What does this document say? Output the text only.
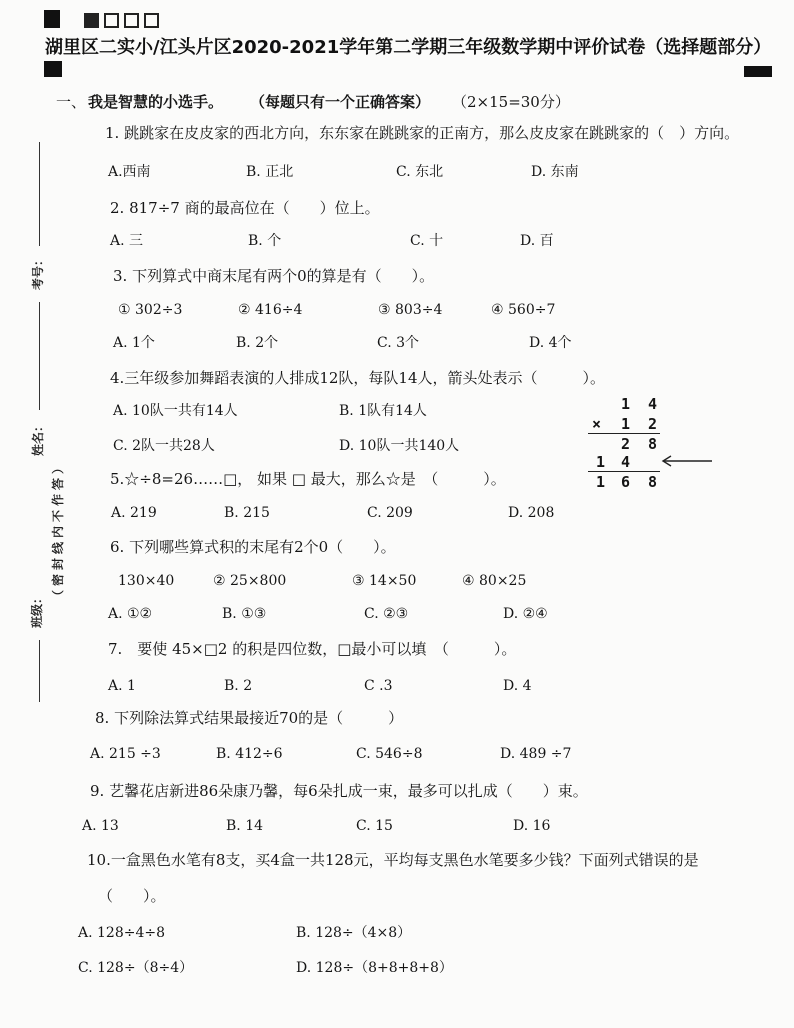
湖里区二实小/江头片区2020-2021学年第二学期三年级数学期中评价试卷（选择题部分）
考号：
姓名：
（密封线内不作答）
班级：
一、 我是智慧的小选手。 （每题只有一个正确答案） （2×15=30分）
1. 跳跳家在皮皮家的西北方向，东东家在跳跳家的正南方，那么皮皮家在跳跳家的（　）方向。
A.西南	B. 正北	C. 东北	D. 东南
2. 817÷7 商的最高位在（　　）位上。
A. 三	B. 个	C. 十	D. 百
3. 下列算式中商末尾有两个0的算是有（　　）。
① 302÷3	② 416÷4	③ 803÷4	④ 560÷7
A. 1个	B. 2个	C. 3个	D. 4个
4.三年级参加舞蹈表演的人排成12队，每队14人，箭头处表示（　　　）。
A. 10队一共有14人	B. 1队有14人
C. 2队一共28人	D. 10队一共140人
1 4
× 1 2
2 8
1 4
1 6 8
5.☆÷8=26……□， 如果 □ 最大，那么☆是　（　　　）。
A. 219	B. 215	C. 209	D. 208
6. 下列哪些算式积的末尾有2个0（　　）。
130×40	② 25×800	③ 14×50	④ 80×25
A. ①②	B. ①③	C. ②③	D. ②④
7.　要使 45×□2 的积是四位数，□最小可以填　（　　　）。
A. 1	B. 2	C .3	D. 4
8. 下列除法算式结果最接近70的是（　　　）
A. 215 ÷3	B. 412÷6	C. 546÷8	D. 489 ÷7
9. 艺馨花店新进86朵康乃馨，每6朵扎成一束，最多可以扎成（　　）束。
A. 13	B. 14	C. 15	D. 16
10.一盒黑色水笔有8支，买4盒一共128元，平均每支黑色水笔要多少钱？下面列式错误的是
（　　）。
A. 128÷4÷8	B. 128÷（4×8）
C. 128÷（8÷4）	D. 128÷（8+8+8+8）
